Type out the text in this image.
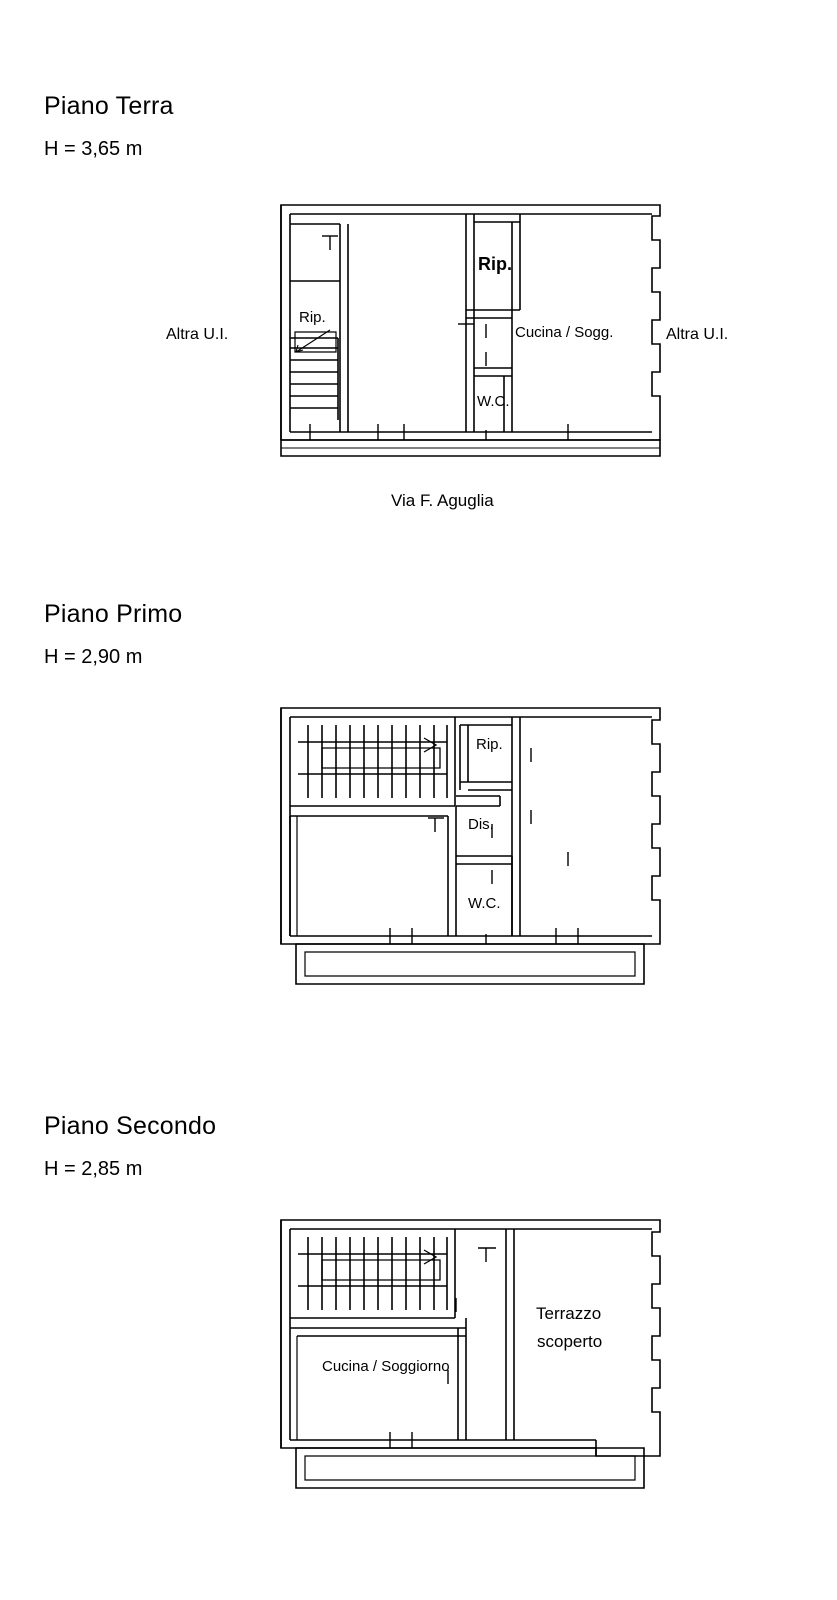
Piano Terra
H = 3,65 m
Altra U.I.	Altra U.I.
Via F. Aguglia
Rip.
Rip.
Cucina / Sogg.
W.C.
Piano Primo
H = 2,90 m
Rip.
Dis.
W.C.
Piano Secondo
H = 2,85 m
Cucina / Soggiorno
Terrazzo
scoperto
